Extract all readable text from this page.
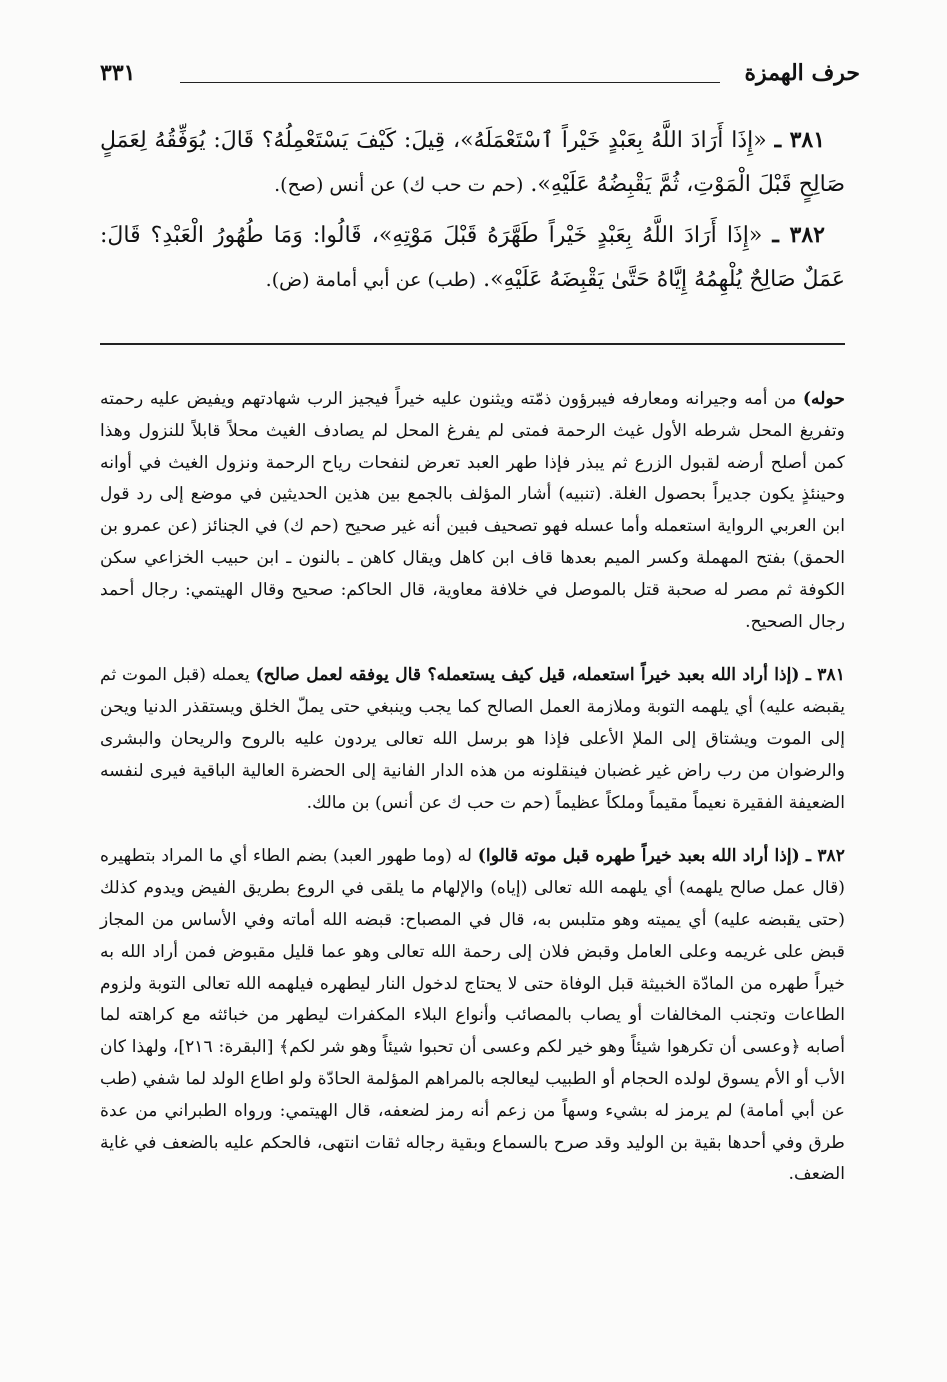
حرف الهمزة
٣٣١

٣٨١ ـ «إِذَا أَرَادَ اللَّهُ بِعَبْدٍ خَيْراً ٱسْتَعْمَلَهُ»، قِيلَ: كَيْفَ يَسْتَعْمِلُهُ؟ قَالَ: يُوَفِّقُهُ لِعَمَلٍ صَالِحٍ قَبْلَ الْمَوْتِ، ثُمَّ يَقْبِضُهُ عَلَيْهِ». (حم ت حب ك) عن أنس (صح).

٣٨٢ ـ «إِذَا أَرَادَ اللَّهُ بِعَبْدٍ خَيْراً طَهَّرَهُ قَبْلَ مَوْتِهِ»، قَالُوا: وَمَا طُهُورُ الْعَبْدِ؟ قَالَ: عَمَلٌ صَالِحٌ يُلْهِمُهُ إِيَّاهُ حَتَّىٰ يَقْبِضَهُ عَلَيْهِ». (طب) عن أبي أمامة (ض).

حوله) من أمه وجيرانه ومعارفه فيبرؤون ذمّته ويثنون عليه خيراً فيجيز الرب شهادتهم ويفيض عليه رحمته وتفريغ المحل شرطه الأول غيث الرحمة فمتى لم يفرغ المحل لم يصادف الغيث محلاً قابلاً للنزول وهذا كمن أصلح أرضه لقبول الزرع ثم يبذر فإذا طهر العبد تعرض لنفحات رياح الرحمة ونزول الغيث في أوانه وحينئذٍ يكون جديراً بحصول الغلة. (تنبيه) أشار المؤلف بالجمع بين هذين الحديثين في موضع إلى رد قول ابن العربي الرواية استعمله وأما عسله فهو تصحيف فبين أنه غير صحيح (حم ك) في الجنائز (عن عمرو بن الحمق) بفتح المهملة وكسر الميم بعدها قاف ابن كاهل ويقال كاهن ـ بالنون ـ ابن حبيب الخزاعي سكن الكوفة ثم مصر له صحبة قتل بالموصل في خلافة معاوية، قال الحاكم: صحيح وقال الهيتمي: رجال أحمد رجال الصحيح.

٣٨١ ـ (إذا أراد الله بعبد خيراً استعمله، قيل كيف يستعمله؟ قال يوفقه لعمل صالح) يعمله (قبل الموت ثم يقبضه عليه) أي يلهمه التوبة وملازمة العمل الصالح كما يجب وينبغي حتى يملّ الخلق ويستقذر الدنيا ويحن إلى الموت ويشتاق إلى الملإ الأعلى فإذا هو برسل الله تعالى يردون عليه بالروح والريحان والبشرى والرضوان من رب راض غير غضبان فينقلونه من هذه الدار الفانية إلى الحضرة العالية الباقية فيرى لنفسه الضعيفة الفقيرة نعيماً مقيماً وملكاً عظيماً (حم ت حب ك عن أنس) بن مالك.

٣٨٢ ـ (إذا أراد الله بعبد خيراً طهره قبل موته قالوا) له (وما طهور العبد) بضم الطاء أي ما المراد بتطهيره (قال عمل صالح يلهمه) أي يلهمه الله تعالى (إياه) والإلهام ما يلقى في الروع بطريق الفيض ويدوم كذلك (حتى يقبضه عليه) أي يميته وهو متلبس به، قال في المصباح: قبضه الله أماته وفي الأساس من المجاز قبض على غريمه وعلى العامل وقبض فلان إلى رحمة الله تعالى وهو عما قليل مقبوض فمن أراد الله به خيراً طهره من المادّة الخبيثة قبل الوفاة حتى لا يحتاج لدخول النار ليطهره فيلهمه الله تعالى التوبة ولزوم الطاعات وتجنب المخالفات أو يصاب بالمصائب وأنواع البلاء المكفرات ليطهر من خبائثه مع كراهته لما أصابه ﴿وعسى أن تكرهوا شيئاً وهو خير لكم وعسى أن تحبوا شيئاً وهو شر لكم﴾ [البقرة: ٢١٦]، ولهذا كان الأب أو الأم يسوق لولده الحجام أو الطبيب ليعالجه بالمراهم المؤلمة الحادّة ولو اطاع الولد لما شفي (طب عن أبي أمامة) لم يرمز له بشيء وسهاً من زعم أنه رمز لضعفه، قال الهيتمي: ورواه الطبراني من عدة طرق وفي أحدها بقية بن الوليد وقد صرح بالسماع وبقية رجاله ثقات انتهى، فالحكم عليه بالضعف في غاية الضعف.
